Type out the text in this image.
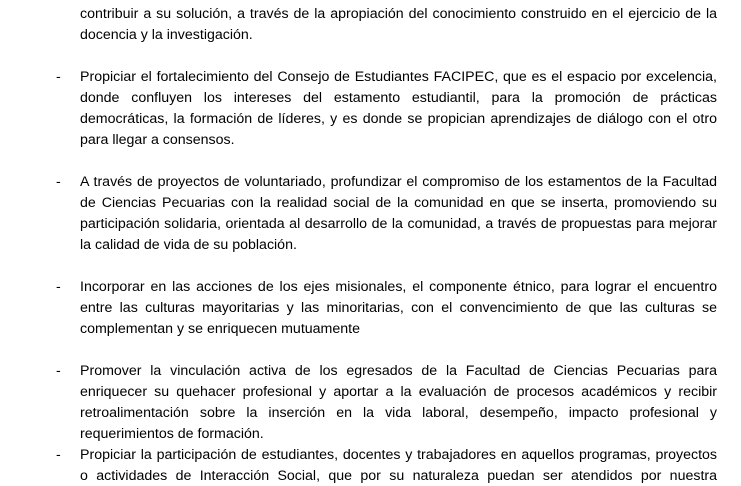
contribuir a su solución, a través de la apropiación del conocimiento construido en el ejercicio de la
docencia y la investigación.
- Propiciar el fortalecimiento del Consejo de Estudiantes FACIPEC, que es el espacio por excelencia,
donde confluyen los intereses del estamento estudiantil, para la promoción de prácticas
democráticas, la formación de líderes, y es donde se propician aprendizajes de diálogo con el otro
para llegar a consensos.
- A través de proyectos de voluntariado, profundizar el compromiso de los estamentos de la Facultad
de Ciencias Pecuarias con la realidad social de la comunidad en que se inserta, promoviendo su
participación solidaria, orientada al desarrollo de la comunidad, a través de propuestas para mejorar
la calidad de vida de su población.
- Incorporar en las acciones de los ejes misionales, el componente étnico, para lograr el encuentro
entre las culturas mayoritarias y las minoritarias, con el convencimiento de que las culturas se
complementan y se enriquecen mutuamente
- Promover la vinculación activa de los egresados de la Facultad de Ciencias Pecuarias para
enriquecer su quehacer profesional y aportar a la evaluación de procesos académicos y recibir
retroalimentación sobre la inserción en la vida laboral, desempeño, impacto profesional y
requerimientos de formación.
- Propiciar la participación de estudiantes, docentes y trabajadores en aquellos programas, proyectos
o actividades de Interacción Social, que por su naturaleza puedan ser atendidos por nuestra
